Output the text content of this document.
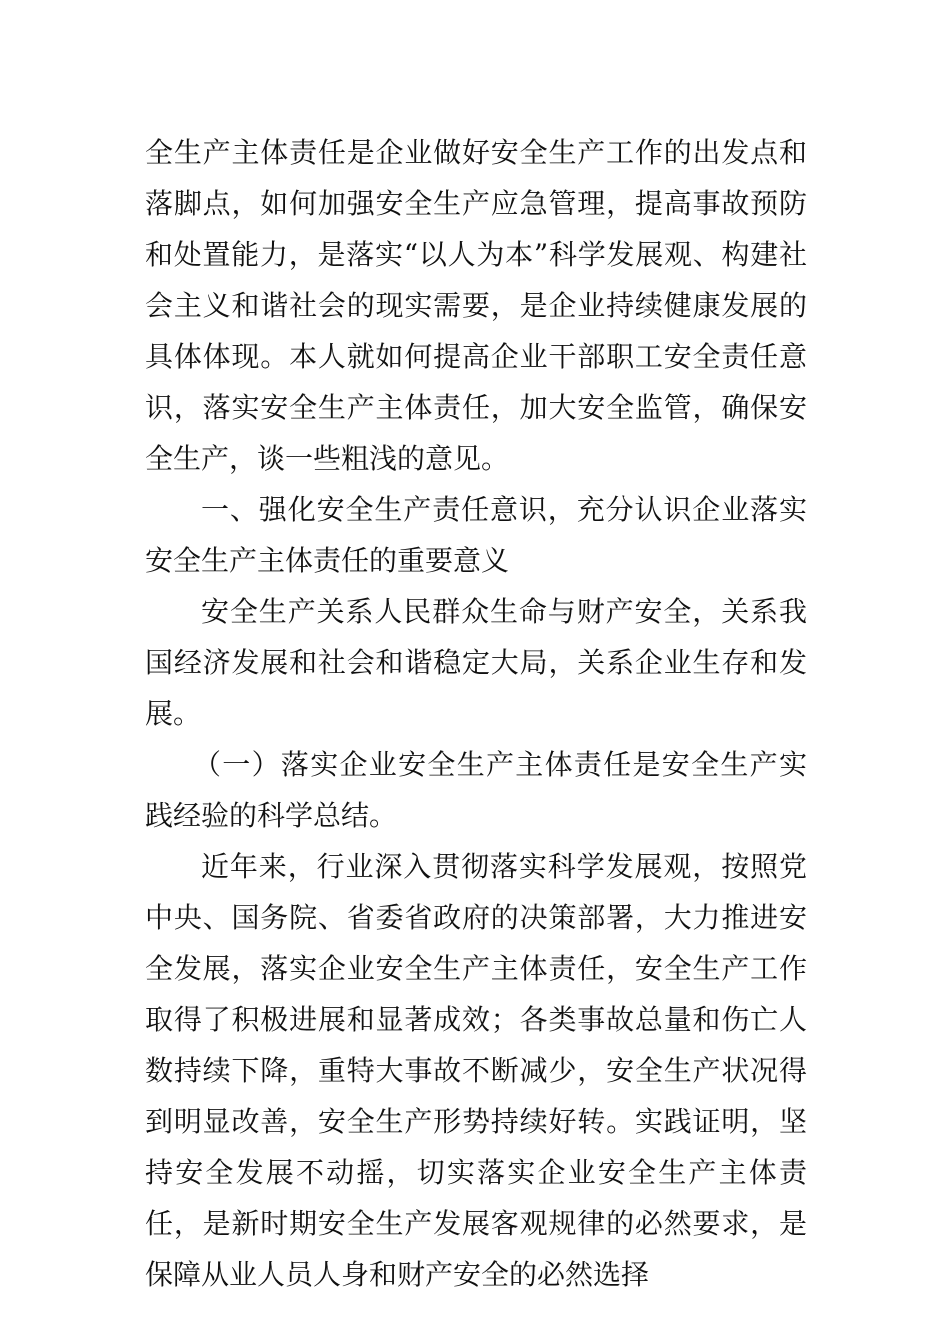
全生产主体责任是企业做好安全生产工作的出发点和落脚点，如何加强安全生产应急管理，提高事故预防和处置能力，是落实“以人为本”科学发展观、构建社会主义和谐社会的现实需要，是企业持续健康发展的具体体现。本人就如何提高企业干部职工安全责任意识，落实安全生产主体责任，加大安全监管，确保安全生产，谈一些粗浅的意见。

一、强化安全生产责任意识，充分认识企业落实安全生产主体责任的重要意义

安全生产关系人民群众生命与财产安全，关系我国经济发展和社会和谐稳定大局，关系企业生存和发展。

（一）落实企业安全生产主体责任是安全生产实践经验的科学总结。

近年来，行业深入贯彻落实科学发展观，按照党中央、国务院、省委省政府的决策部署，大力推进安全发展，落实企业安全生产主体责任，安全生产工作取得了积极进展和显著成效；各类事故总量和伤亡人数持续下降，重特大事故不断减少，安全生产状况得到明显改善，安全生产形势持续好转。实践证明，坚持安全发展不动摇，切实落实企业安全生产主体责任，是新时期安全生产发展客观规律的必然要求，是保障从业人员人身和财产安全的必然选择
